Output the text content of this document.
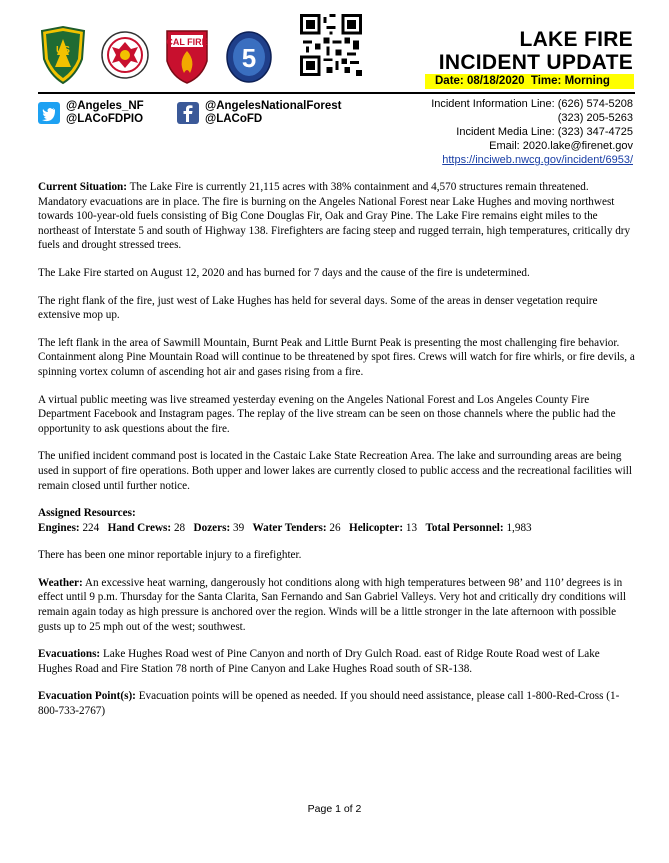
US
CAL FIRE
5
LAKE FIRE
INCIDENT UPDATE
Date: 08/18/2020 Time: Morning
@Angeles_NF
@LACoFDPIO
@AngelesNationalForest
@LACoFD
Incident Information Line: (626) 574-5208
(323) 205-5263
Incident Media Line: (323) 347-4725
Email: 2020.lake@firenet.gov
https://inciweb.nwcg.gov/incident/6953/

Current Situation: The Lake Fire is currently 21,115 acres with 38% containment and 4,570 structures remain threatened. Mandatory evacuations are in place. The fire is burning on the Angeles National Forest near Lake Hughes and moving northwest towards 100-year-old fuels consisting of Big Cone Douglas Fir, Oak and Gray Pine. The Lake Fire remains eight miles to the northeast of Interstate 5 and south of Highway 138. Firefighters are facing steep and rugged terrain, high temperatures, critically dry fuels and drought stressed trees.

The Lake Fire started on August 12, 2020 and has burned for 7 days and the cause of the fire is undetermined.

The right flank of the fire, just west of Lake Hughes has held for several days. Some of the areas in denser vegetation require extensive mop up.

The left flank in the area of Sawmill Mountain, Burnt Peak and Little Burnt Peak is presenting the most challenging fire behavior. Containment along Pine Mountain Road will continue to be threatened by spot fires. Crews will watch for fire whirls, or fire devils, a spinning vortex column of ascending hot air and gases rising from a fire.

A virtual public meeting was live streamed yesterday evening on the Angeles National Forest and Los Angeles County Fire Department Facebook and Instagram pages. The replay of the live stream can be seen on those channels where the public had the opportunity to ask questions about the fire.

The unified incident command post is located in the Castaic Lake State Recreation Area. The lake and surrounding areas are being used in support of fire operations. Both upper and lower lakes are currently closed to public access and the recreational facilities will remain closed until further notice.

Assigned Resources:
Engines: 224 Hand Crews: 28 Dozers: 39 Water Tenders: 26 Helicopter: 13 Total Personnel: 1,983

There has been one minor reportable injury to a firefighter.

Weather: An excessive heat warning, dangerously hot conditions along with high temperatures between 98’ and 110’ degrees is in effect until 9 p.m. Thursday for the Santa Clarita, San Fernando and San Gabriel Valleys. Very hot and critically dry conditions will remain again today as high pressure is anchored over the region. Winds will be a little stronger in the late afternoon with possible gusts up to 25 mph out of the west; southwest.

Evacuations: Lake Hughes Road west of Pine Canyon and north of Dry Gulch Road. east of Ridge Route Road west of Lake Hughes Road and Fire Station 78 north of Pine Canyon and Lake Hughes Road south of SR-138.

Evacuation Point(s): Evacuation points will be opened as needed. If you should need assistance, please call 1-800-Red-Cross (1-800-733-2767)

Page 1 of 2
